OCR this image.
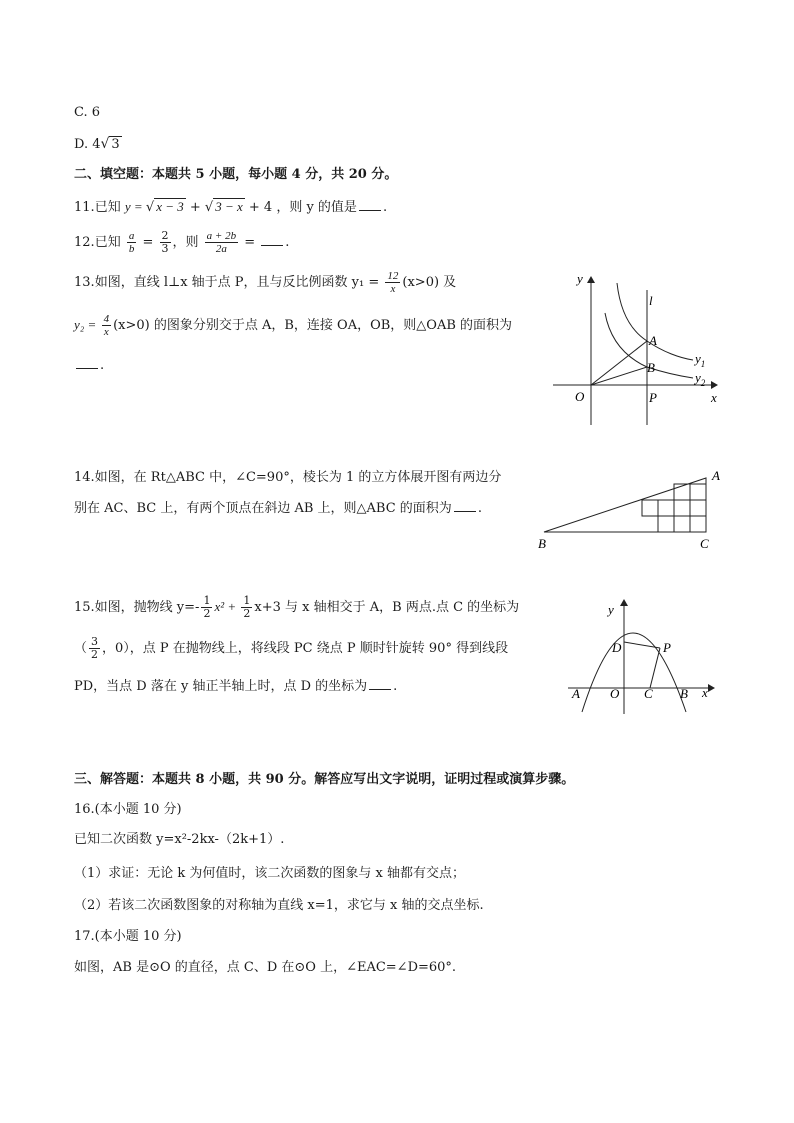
C. 6
D. 4√ 3
二、填空题：本题共 5 小题，每小题 4 分，共 20 分。
11.已知 y = √ x − 3 + √ 3 − x + 4 ，则 y 的值是 .
12.已知 $\frac{a}{b} = \frac{2}{3}$ ，则 $\frac{a + 2b}{2a}$ = .
13.如图，直线 l⊥x 轴于点 P，且与反比例函数 $y_1 = \frac{12}{x} (x>0)$ 及
$y_2 = \frac{4}{x} (x>0)$ 的图象分别交于点 A，B，连接 OA，OB，则△OAB 的面积为
.
y
x
l
A
B
O	P
$y_1$
$y_2$
14.如图，在 Rt△ABC 中，∠C=90°，棱长为 1 的立方体展开图有两边分
别在 AC、BC 上，有两个顶点在斜边 AB 上，则△ABC 的面积为 .
A
B	C
15.如图，抛物线 $y=- \frac{1}{2} x^2 + \frac{1}{2} x+3$ 与 x 轴相交于 A，B 两点.点 C 的坐标为
（ $\frac{3}{2}$ ，0），点 P 在抛物线上，将线段 PC 绕点 P 顺时针旋转 90° 得到线段
PD，当点 D 落在 y 轴正半轴上时，点 D 的坐标为 .
y
x
D	P
A O C B
三、解答题：本题共 8 小题，共 90 分。解答应写出文字说明，证明过程或演算步骤。
16.(本小题 10 分)
已知二次函数 y=x²-2kx-（2k+1）.
（1）求证：无论 k 为何值时，该二次函数的图象与 x 轴都有交点；
（2）若该二次函数图象的对称轴为直线 x=1，求它与 x 轴的交点坐标.
17.(本小题 10 分)
如图，AB 是⊙O 的直径，点 C、D 在⊙O 上，∠EAC=∠D=60°.
